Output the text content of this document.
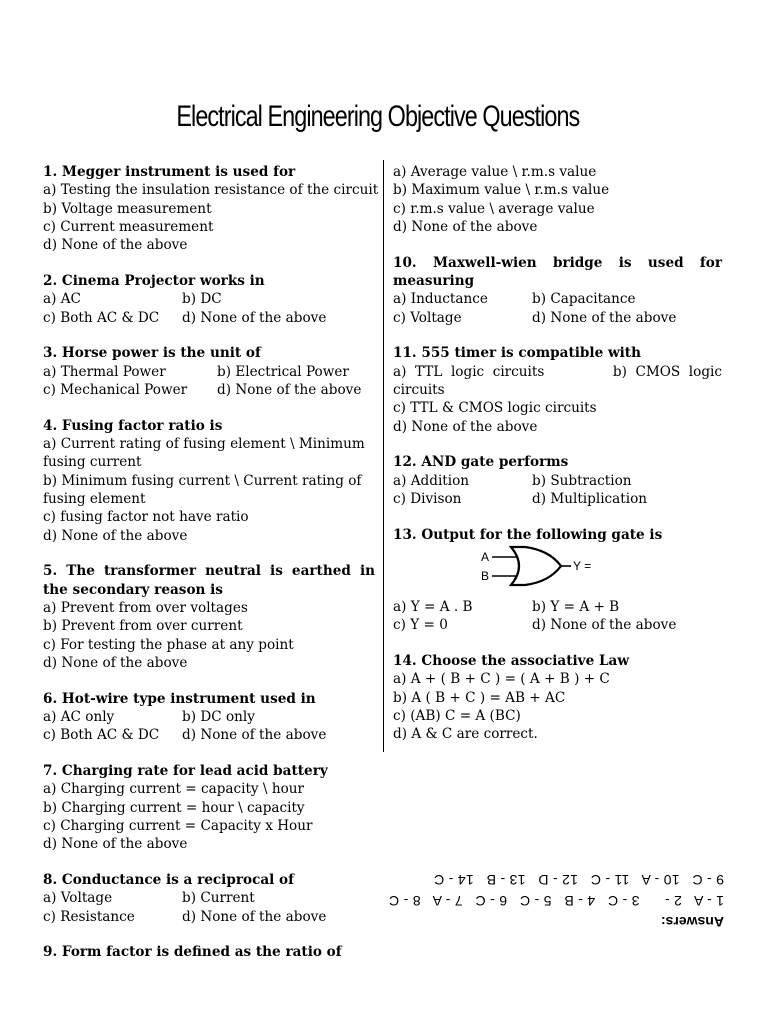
Electrical Engineering Objective Questions
1. Megger instrument is used for
a) Testing the insulation resistance of the circuit
b) Voltage measurement
c) Current measurement
d) None of the above
2. Cinema Projector works in
a) AC	b) DC
c) Both AC & DC	d) None of the above
3. Horse power is the unit of
a) Thermal Power	b) Electrical Power
c) Mechanical Power	d) None of the above
4. Fusing factor ratio is
a) Current rating of fusing element \ Minimum fusing current
b) Minimum fusing current \ Current rating of fusing element
c) fusing factor not have ratio
d) None of the above
5. The transformer neutral is earthed in the secondary reason is
a) Prevent from over voltages
b) Prevent from over current
c) For testing the phase at any point
d) None of the above
6. Hot-wire type instrument used in
a) AC only	b) DC only
c) Both AC & DC	d) None of the above
7. Charging rate for lead acid battery
a) Charging current = capacity \ hour
b) Charging current = hour \ capacity
c) Charging current = Capacity x Hour
d) None of the above
8. Conductance is a reciprocal of
a) Voltage	b) Current
c) Resistance	d) None of the above
9. Form factor is defined as the ratio of
a) Average value \ r.m.s value
b) Maximum value \ r.m.s value
c) r.m.s value \ average value
d) None of the above
10. Maxwell-wien bridge is used for measuring
a) Inductance	b) Capacitance
c) Voltage	d) None of the above
11. 555 timer is compatible with
a) TTL logic circuits	b) CMOS logic circuits
c) TTL & CMOS logic circuits
d) None of the above
12. AND gate performs
a) Addition	b) Subtraction
c) Divison	d) Multiplication
13. Output for the following gate is
A
B
Y =
a) Y = A . B	b) Y = A + B
c) Y = 0	d) None of the above
14. Choose the associative Law
a) A + ( B + C ) = ( A + B ) + C
b) A ( B + C ) = AB + AC
c) (AB) C = A (BC)
d) A & C are correct.
Answers:
1 - A   2 -      3 - C   4 - B   5 - C   6 - C   7 - A   8 - C
9 - C   10 - A   11 - C   12 - D   13 - B   14 - C
